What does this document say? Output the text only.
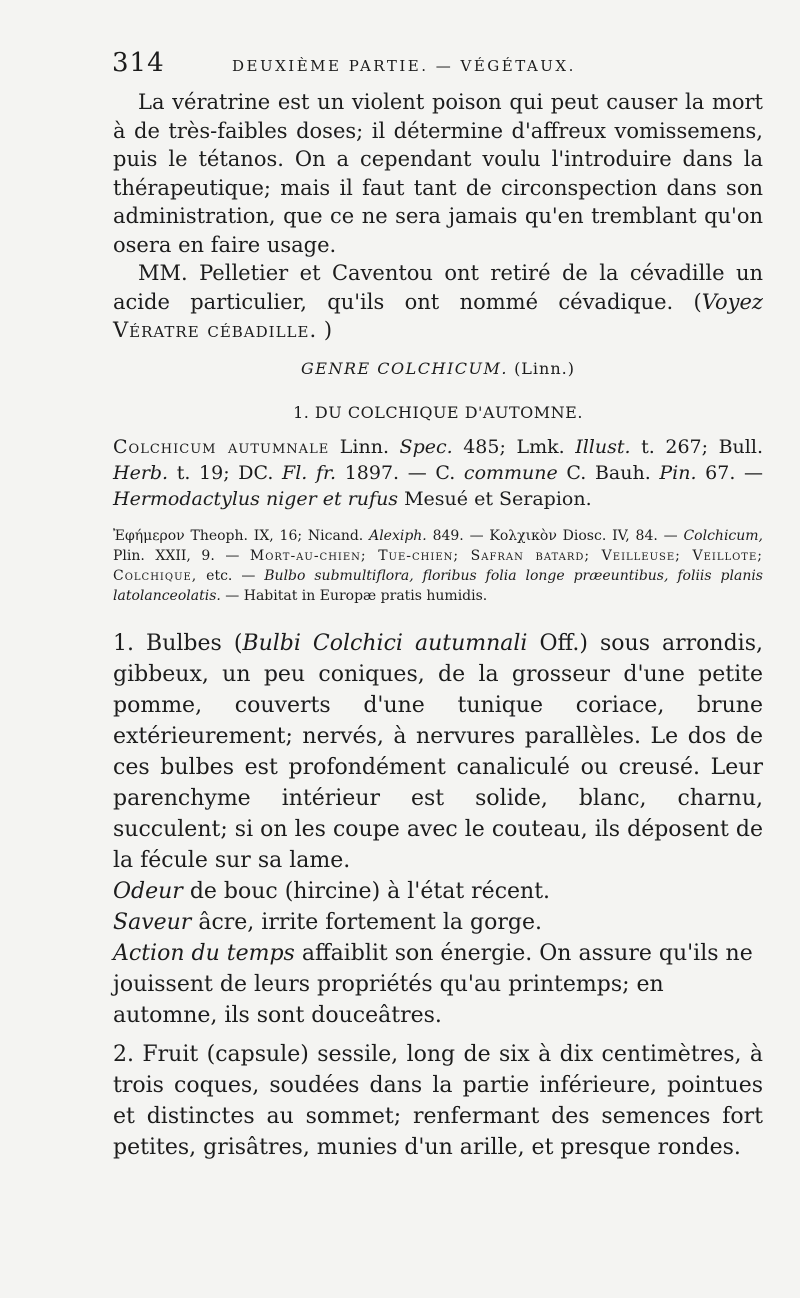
314	DEUXIÈME PARTIE. — VÉGÉTAUX.

La vératrine est un violent poison qui peut causer la mort à de très-faibles doses; il détermine d'affreux vomissemens, puis le tétanos. On a cependant voulu l'introduire dans la thérapeutique; mais il faut tant de circonspection dans son administration, que ce ne sera jamais qu'en tremblant qu'on osera en faire usage.

MM. Pelletier et Caventou ont retiré de la cévadille un acide particulier, qu'ils ont nommé cévadique. (Voyez Vératre cébadille. )

GENRE COLCHICUM. (Linn.)

1. DU COLCHIQUE D'AUTOMNE.

Colchicum autumnale Linn. Spec. 485; Lmk. Illust. t. 267; Bull. Herb. t. 19; DC. Fl. fr. 1897. — C. commune C. Bauh. Pin. 67. — Hermodactylus niger et rufus Mesué et Serapion.

Ἐφήμερον Theoph. IX, 16; Nicand. Alexiph. 849. — Κολχικὸν Diosc. IV, 84. — Colchicum, Plin. XXII, 9. — Mort-au-chien; Tue-chien; Safran batard; Veilleuse; Veillote; Colchique, etc. — Bulbo submultiflora, floribus folia longe præeuntibus, foliis planis latolanceolatis. — Habitat in Europæ pratis humidis.

1. Bulbes (Bulbi Colchici autumnali Off.) sous arrondis, gibbeux, un peu coniques, de la grosseur d'une petite pomme, couverts d'une tunique coriace, brune extérieurement; nervés, à nervures parallèles. Le dos de ces bulbes est profondément canaliculé ou creusé. Leur parenchyme intérieur est solide, blanc, charnu, succulent; si on les coupe avec le couteau, ils déposent de la fécule sur sa lame.

Odeur de bouc (hircine) à l'état récent.

Saveur âcre, irrite fortement la gorge.

Action du temps affaiblit son énergie. On assure qu'ils ne jouissent de leurs propriétés qu'au printemps; en automne, ils sont douceâtres.

2. Fruit (capsule) sessile, long de six à dix centimètres, à trois coques, soudées dans la partie inférieure, pointues et distinctes au sommet; renfermant des semences fort petites, grisâtres, munies d'un arille, et presque rondes.
